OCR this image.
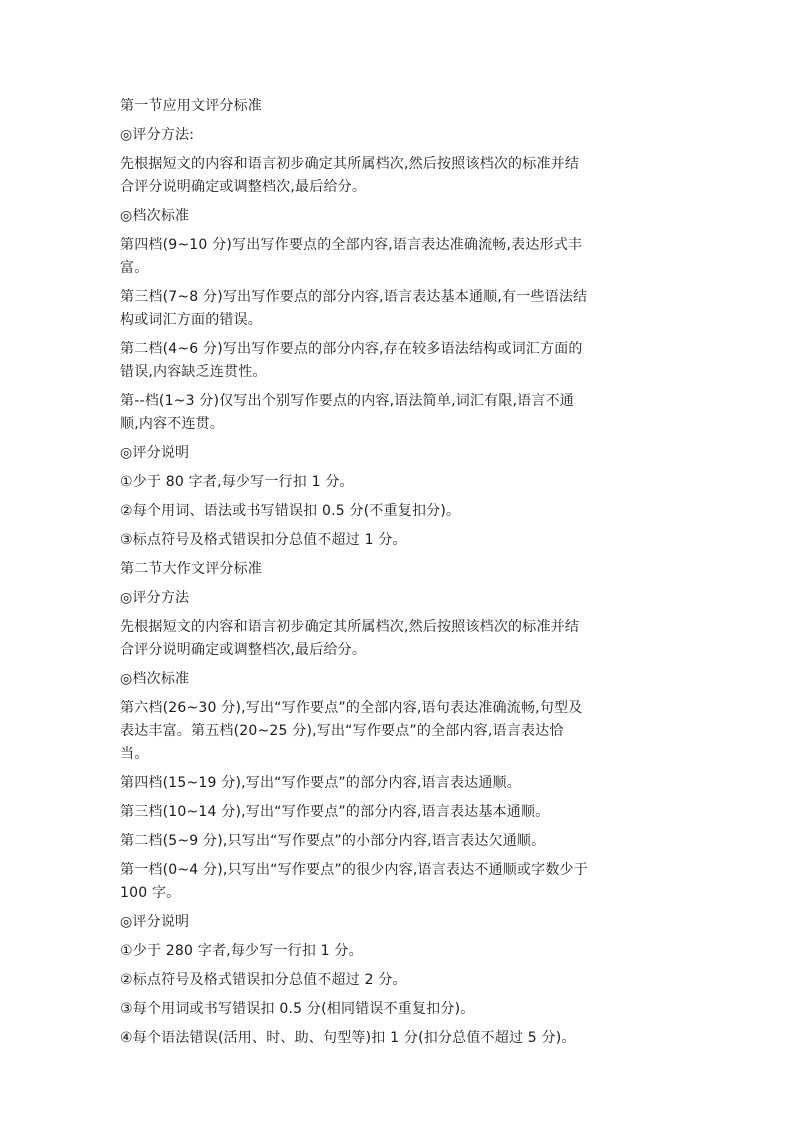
第一节应用文评分标准

◎评分方法:

先根据短文的内容和语言初步确定其所属档次,然后按照该档次的标准并结合评分说明确定或调整档次,最后给分。

◎档次标准

第四档(9~10 分)写出写作要点的全部内容,语言表达准确流畅,表达形式丰富。

第三档(7~8 分)写出写作要点的部分内容,语言表达基本通顺,有一些语法结构或词汇方面的错误。

第二档(4~6 分)写出写作要点的部分内容,存在较多语法结构或词汇方面的错误,内容缺乏连贯性。

第--档(1~3 分)仅写出个别写作要点的内容,语法简单,词汇有限,语言不通顺,内容不连贯。

◎评分说明

①少于 80 字者,每少写一行扣 1 分。

②每个用词、语法或书写错误扣 0.5 分(不重复扣分)。

③标点符号及格式错误扣分总值不超过 1 分。

第二节大作文评分标准

◎评分方法

先根据短文的内容和语言初步确定其所属档次,然后按照该档次的标准并结合评分说明确定或调整档次,最后给分。

◎档次标准

第六档(26~30 分),写出“写作要点”的全部内容,语句表达准确流畅,句型及表达丰富。第五档(20~25 分),写出“写作要点”的全部内容,语言表达恰当。

第四档(15~19 分),写出“写作要点”的部分内容,语言表达通顺。

第三档(10~14 分),写出“写作要点”的部分内容,语言表达基本通顺。

第二档(5~9 分),只写出“写作要点”的小部分内容,语言表达欠通顺。

第一档(0~4 分),只写出“写作要点”的很少内容,语言表达不通顺或字数少于100 字。

◎评分说明

①少于 280 字者,每少写一行扣 1 分。

②标点符号及格式错误扣分总值不超过 2 分。

③每个用词或书写错误扣 0.5 分(相同错误不重复扣分)。

④每个语法错误(活用、时、助、句型等)扣 1 分(扣分总值不超过 5 分)。
